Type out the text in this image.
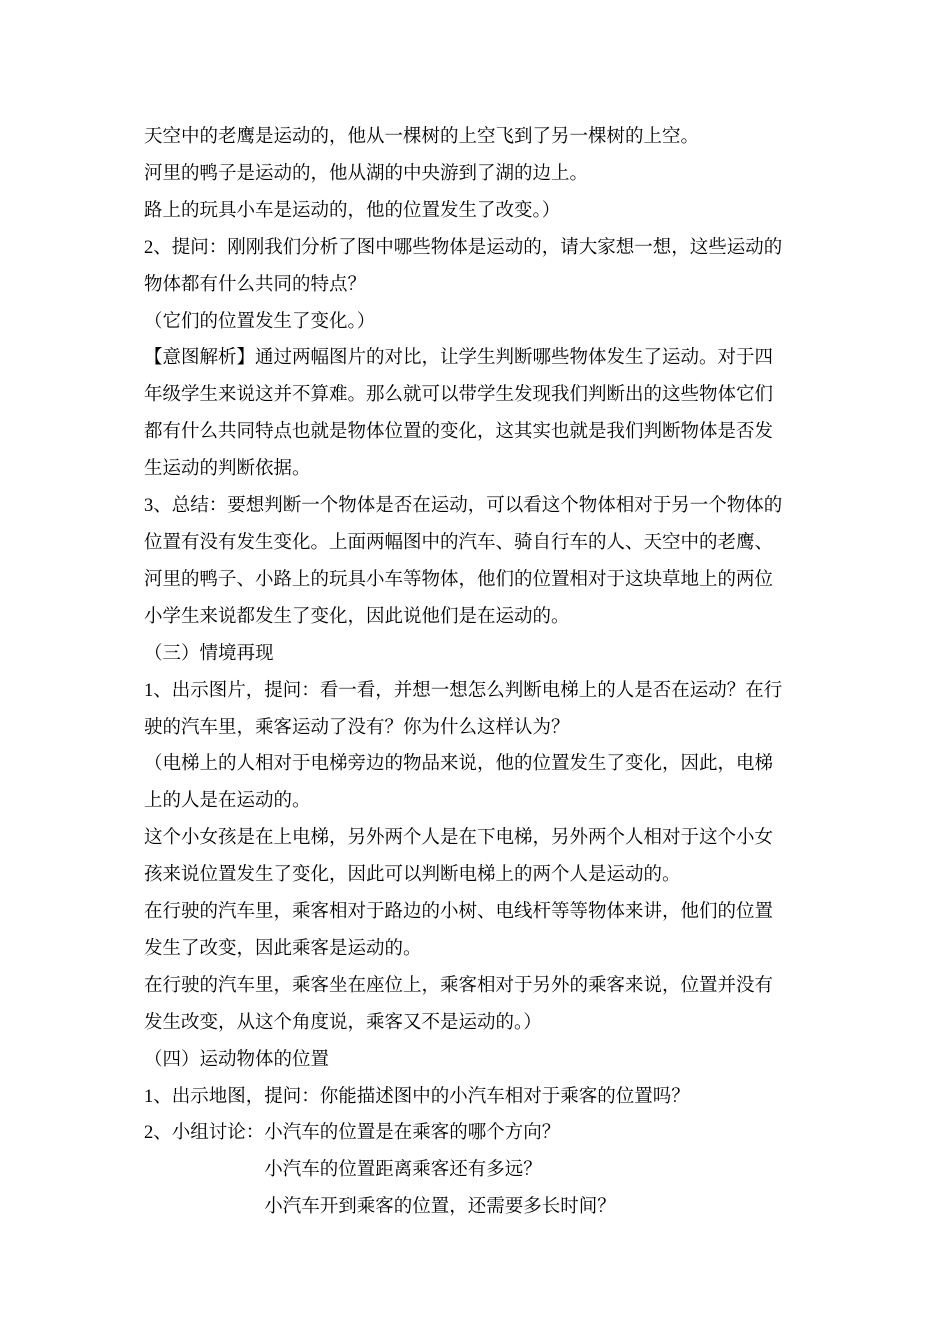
天空中的老鹰是运动的，他从一棵树的上空飞到了另一棵树的上空。

河里的鸭子是运动的，他从湖的中央游到了湖的边上。

路上的玩具小车是运动的，他的位置发生了改变。）

2、提问：刚刚我们分析了图中哪些物体是运动的，请大家想一想，这些运动的
物体都有什么共同的特点？

（它们的位置发生了变化。）

【意图解析】通过两幅图片的对比，让学生判断哪些物体发生了运动。对于四
年级学生来说这并不算难。那么就可以带学生发现我们判断出的这些物体它们
都有什么共同特点也就是物体位置的变化，这其实也就是我们判断物体是否发
生运动的判断依据。

3、总结：要想判断一个物体是否在运动，可以看这个物体相对于另一个物体的
位置有没有发生变化。上面两幅图中的汽车、骑自行车的人、天空中的老鹰、
河里的鸭子、小路上的玩具小车等物体，他们的位置相对于这块草地上的两位
小学生来说都发生了变化，因此说他们是在运动的。

（三）情境再现

1、出示图片，提问：看一看，并想一想怎么判断电梯上的人是否在运动？在行
驶的汽车里，乘客运动了没有？你为什么这样认为？

（电梯上的人相对于电梯旁边的物品来说，他的位置发生了变化，因此，电梯
上的人是在运动的。

这个小女孩是在上电梯，另外两个人是在下电梯，另外两个人相对于这个小女
孩来说位置发生了变化，因此可以判断电梯上的两个人是运动的。

在行驶的汽车里，乘客相对于路边的小树、电线杆等等物体来讲，他们的位置
发生了改变，因此乘客是运动的。

在行驶的汽车里，乘客坐在座位上，乘客相对于另外的乘客来说，位置并没有
发生改变，从这个角度说，乘客又不是运动的。）

（四）运动物体的位置

1、出示地图，提问：你能描述图中的小汽车相对于乘客的位置吗？

2、小组讨论：小汽车的位置是在乘客的哪个方向？

小汽车的位置距离乘客还有多远？

小汽车开到乘客的位置，还需要多长时间？
